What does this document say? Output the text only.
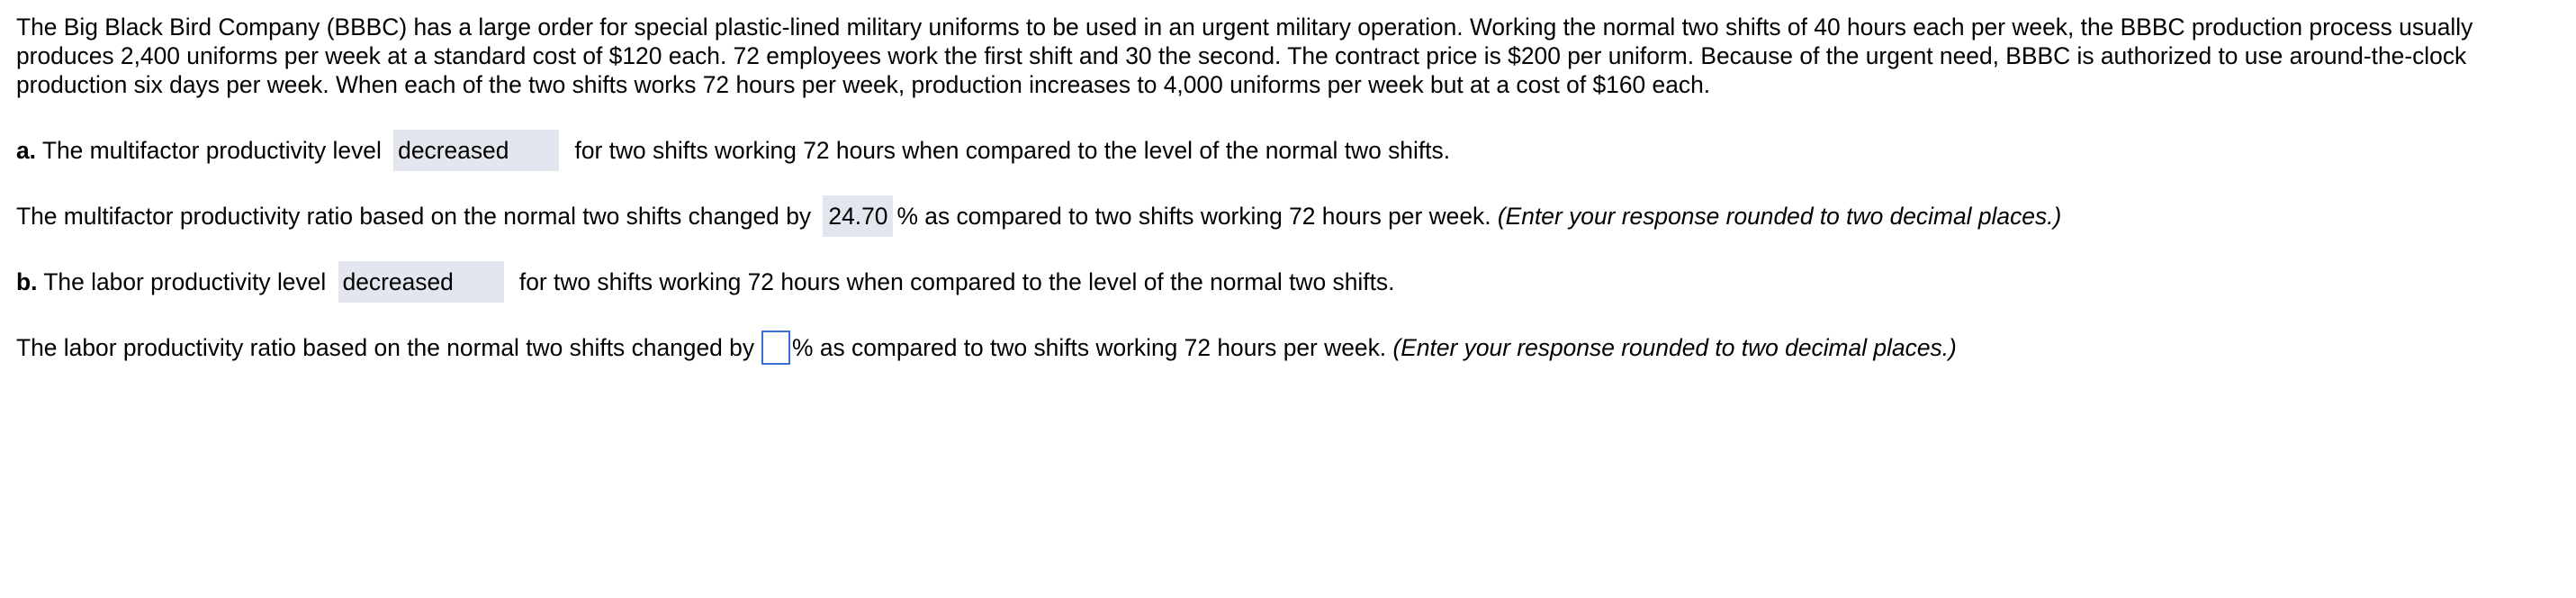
The Big Black Bird Company (BBBC) has a large order for special plastic-lined military uniforms to be used in an urgent military operation. Working the normal two shifts of 40 hours each per week, the BBBC production process usually produces 2,400 uniforms per week at a standard cost of $120 each. 72 employees work the first shift and 30 the second. The contract price is $200 per uniform. Because of the urgent need, BBBC is authorized to use around-the-clock production six days per week. When each of the two shifts works 72 hours per week, production increases to 4,000 uniforms per week but at a cost of $160 each.

a. The multifactor productivity level decreased	for two shifts working 72 hours when compared to the level of the normal two shifts.
The multifactor productivity ratio based on the normal two shifts changed by 24.70 % as compared to two shifts working 72 hours per week. (Enter your response rounded to two decimal places.)
b. The labor productivity level decreased	for two shifts working 72 hours when compared to the level of the normal two shifts.
The labor productivity ratio based on the normal two shifts changed by % as compared to two shifts working 72 hours per week. (Enter your response rounded to two decimal places.)
